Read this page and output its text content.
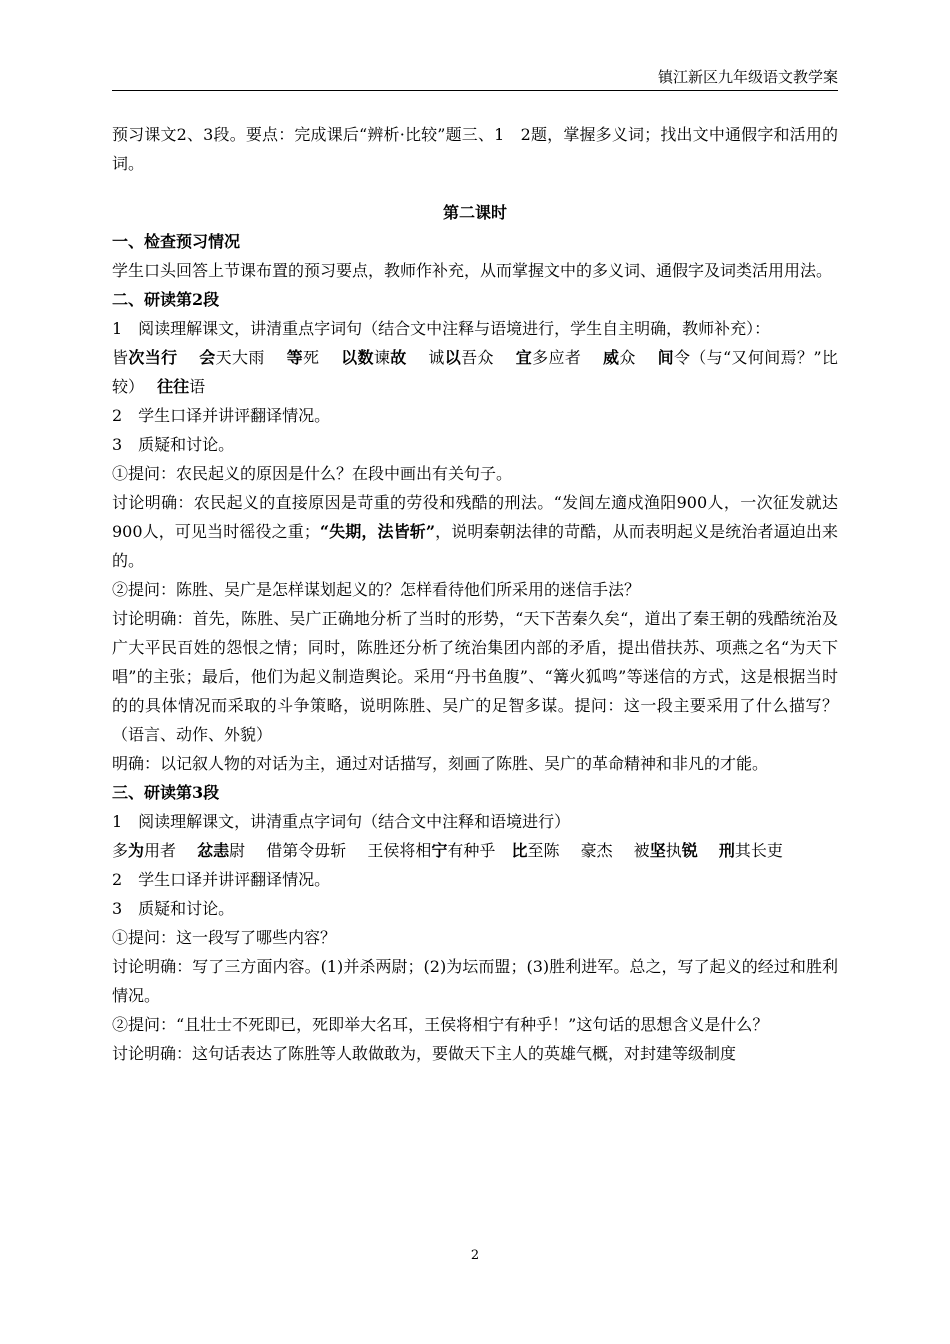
镇江新区九年级语文教学案

预习课文2、3段。要点：完成课后“辨析·比较”题三、1　2题，掌握多义词；找出文中通假字和活用的词。

第二课时

一、检查预习情况

学生口头回答上节课布置的预习要点，教师作补充，从而掌握文中的多义词、通假字及词类活用用法。

二、研读第2段

1　阅读理解课文，讲清重点字词句（结合文中注释与语境进行，学生自主明确，教师补充）：

皆次当行　 会天大雨　 等死　 以数谏故　 诚以吾众　 宜多应者　 威众　 间令（与“又何间焉？”比较）　 往往语

2　学生口译并讲评翻译情况。

3　质疑和讨论。

①提问：农民起义的原因是什么？在段中画出有关句子。

讨论明确：农民起义的直接原因是苛重的劳役和残酷的刑法。“发闾左適戍渔阳900人，一次征发就达900人，可见当时徭役之重；“失期，法皆斩”，说明秦朝法律的苛酷，从而表明起义是统治者逼迫出来的。

②提问：陈胜、吴广是怎样谋划起义的？怎样看待他们所采用的迷信手法？

讨论明确：首先，陈胜、吴广正确地分析了当时的形势，“天下苦秦久矣“，道出了秦王朝的残酷统治及广大平民百姓的怨恨之情；同时，陈胜还分析了统治集团内部的矛盾，提出借扶苏、项燕之名“为天下唱”的主张；最后，他们为起义制造舆论。采用“丹书鱼腹”、“篝火狐鸣”等迷信的方式，这是根据当时的的具体情况而采取的斗争策略，说明陈胜、吴广的足智多谋。提问：这一段主要采用了什么描写？（语言、动作、外貌）

明确：以记叙人物的对话为主，通过对话描写，刻画了陈胜、吴广的革命精神和非凡的才能。

三、研读第3段

1　阅读理解课文，讲清重点字词句（结合文中注释和语境进行）

多为用者　 忿恚尉　 借第令毋斩　 王侯将相宁有种乎　 比至陈　 豪杰　 被坚执锐　 刑其长吏

2　学生口译并讲评翻译情况。

3　质疑和讨论。

①提问：这一段写了哪些内容？

讨论明确：写了三方面内容。(1)并杀两尉；(2)为坛而盟；(3)胜利进军。总之，写了起义的经过和胜利情况。

②提问：“且壮士不死即已，死即举大名耳，王侯将相宁有种乎！”这句话的思想含义是什么？

讨论明确：这句话表达了陈胜等人敢做敢为，要做天下主人的英雄气概，对封建等级制度

2
